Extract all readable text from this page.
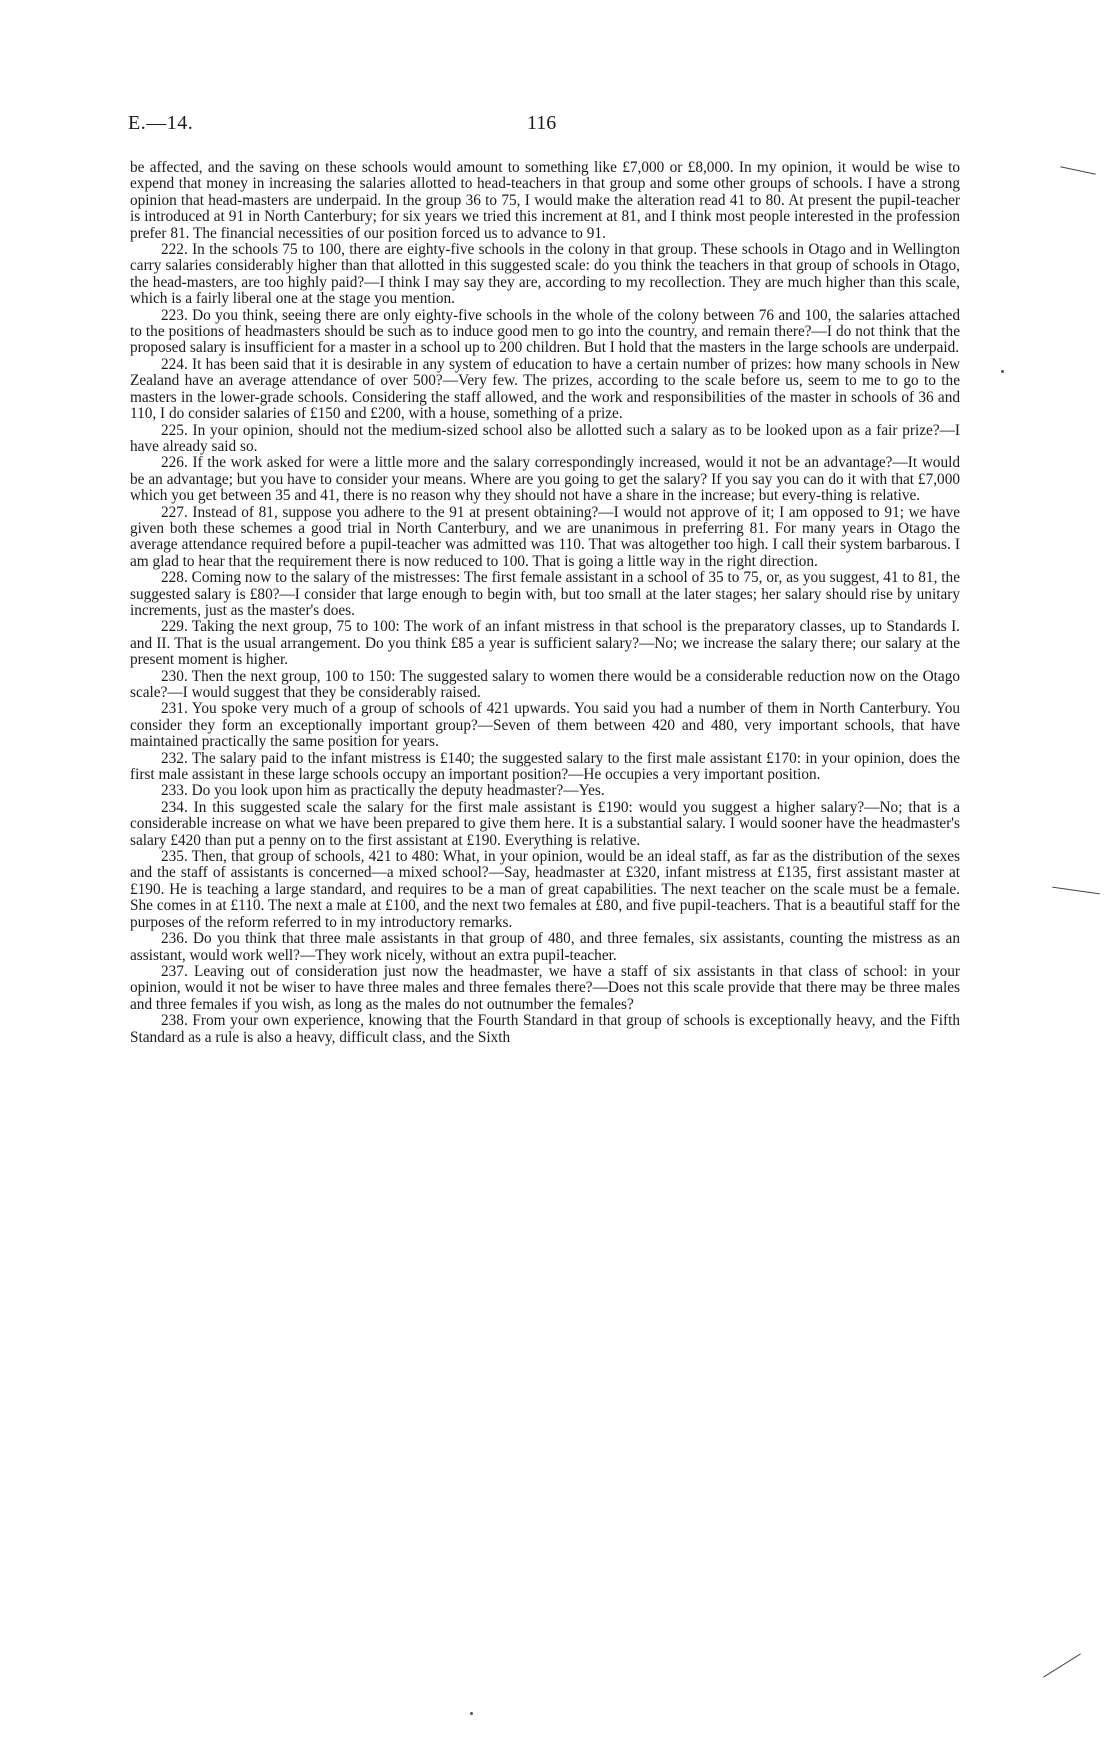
E.—14.	116

be affected, and the saving on these schools would amount to something like £7,000 or £8,000. In my opinion, it would be wise to expend that money in increasing the salaries allotted to head-teachers in that group and some other groups of schools. I have a strong opinion that head-masters are underpaid. In the group 36 to 75, I would make the alteration read 41 to 80. At present the pupil-teacher is introduced at 91 in North Canterbury; for six years we tried this increment at 81, and I think most people interested in the profession prefer 81. The financial necessities of our position forced us to advance to 91.

222. In the schools 75 to 100, there are eighty-five schools in the colony in that group. These schools in Otago and in Wellington carry salaries considerably higher than that allotted in this suggested scale: do you think the teachers in that group of schools in Otago, the head-masters, are too highly paid?—I think I may say they are, according to my recollection. They are much higher than this scale, which is a fairly liberal one at the stage you mention.

223. Do you think, seeing there are only eighty-five schools in the whole of the colony between 76 and 100, the salaries attached to the positions of headmasters should be such as to induce good men to go into the country, and remain there?—I do not think that the proposed salary is insufficient for a master in a school up to 200 children. But I hold that the masters in the large schools are underpaid.

224. It has been said that it is desirable in any system of education to have a certain number of prizes: how many schools in New Zealand have an average attendance of over 500?—Very few. The prizes, according to the scale before us, seem to me to go to the masters in the lower-grade schools. Considering the staff allowed, and the work and responsibilities of the master in schools of 36 and 110, I do consider salaries of £150 and £200, with a house, something of a prize.

225. In your opinion, should not the medium-sized school also be allotted such a salary as to be looked upon as a fair prize?—I have already said so.

226. If the work asked for were a little more and the salary correspondingly increased, would it not be an advantage?—It would be an advantage; but you have to consider your means. Where are you going to get the salary? If you say you can do it with that £7,000 which you get between 35 and 41, there is no reason why they should not have a share in the increase; but every-thing is relative.

227. Instead of 81, suppose you adhere to the 91 at present obtaining?—I would not approve of it; I am opposed to 91; we have given both these schemes a good trial in North Canterbury, and we are unanimous in preferring 81. For many years in Otago the average attendance required before a pupil-teacher was admitted was 110. That was altogether too high. I call their system barbarous. I am glad to hear that the requirement there is now reduced to 100. That is going a little way in the right direction.

228. Coming now to the salary of the mistresses: The first female assistant in a school of 35 to 75, or, as you suggest, 41 to 81, the suggested salary is £80?—I consider that large enough to begin with, but too small at the later stages; her salary should rise by unitary increments, just as the master's does.

229. Taking the next group, 75 to 100: The work of an infant mistress in that school is the preparatory classes, up to Standards I. and II. That is the usual arrangement. Do you think £85 a year is sufficient salary?—No; we increase the salary there; our salary at the present moment is higher.

230. Then the next group, 100 to 150: The suggested salary to women there would be a considerable reduction now on the Otago scale?—I would suggest that they be considerably raised.

231. You spoke very much of a group of schools of 421 upwards. You said you had a number of them in North Canterbury. You consider they form an exceptionally important group?—Seven of them between 420 and 480, very important schools, that have maintained practically the same position for years.

232. The salary paid to the infant mistress is £140; the suggested salary to the first male assistant £170: in your opinion, does the first male assistant in these large schools occupy an important position?—He occupies a very important position.

233. Do you look upon him as practically the deputy headmaster?—Yes.

234. In this suggested scale the salary for the first male assistant is £190: would you suggest a higher salary?—No; that is a considerable increase on what we have been prepared to give them here. It is a substantial salary. I would sooner have the headmaster's salary £420 than put a penny on to the first assistant at £190. Everything is relative.

235. Then, that group of schools, 421 to 480: What, in your opinion, would be an ideal staff, as far as the distribution of the sexes and the staff of assistants is concerned—a mixed school?—Say, headmaster at £320, infant mistress at £135, first assistant master at £190. He is teaching a large standard, and requires to be a man of great capabilities. The next teacher on the scale must be a female. She comes in at £110. The next a male at £100, and the next two females at £80, and five pupil-teachers. That is a beautiful staff for the purposes of the reform referred to in my introductory remarks.

236. Do you think that three male assistants in that group of 480, and three females, six assistants, counting the mistress as an assistant, would work well?—They work nicely, without an extra pupil-teacher.

237. Leaving out of consideration just now the headmaster, we have a staff of six assistants in that class of school: in your opinion, would it not be wiser to have three males and three females there?—Does not this scale provide that there may be three males and three females if you wish, as long as the males do not outnumber the females?

238. From your own experience, knowing that the Fourth Standard in that group of schools is exceptionally heavy, and the Fifth Standard as a rule is also a heavy, difficult class, and the Sixth
